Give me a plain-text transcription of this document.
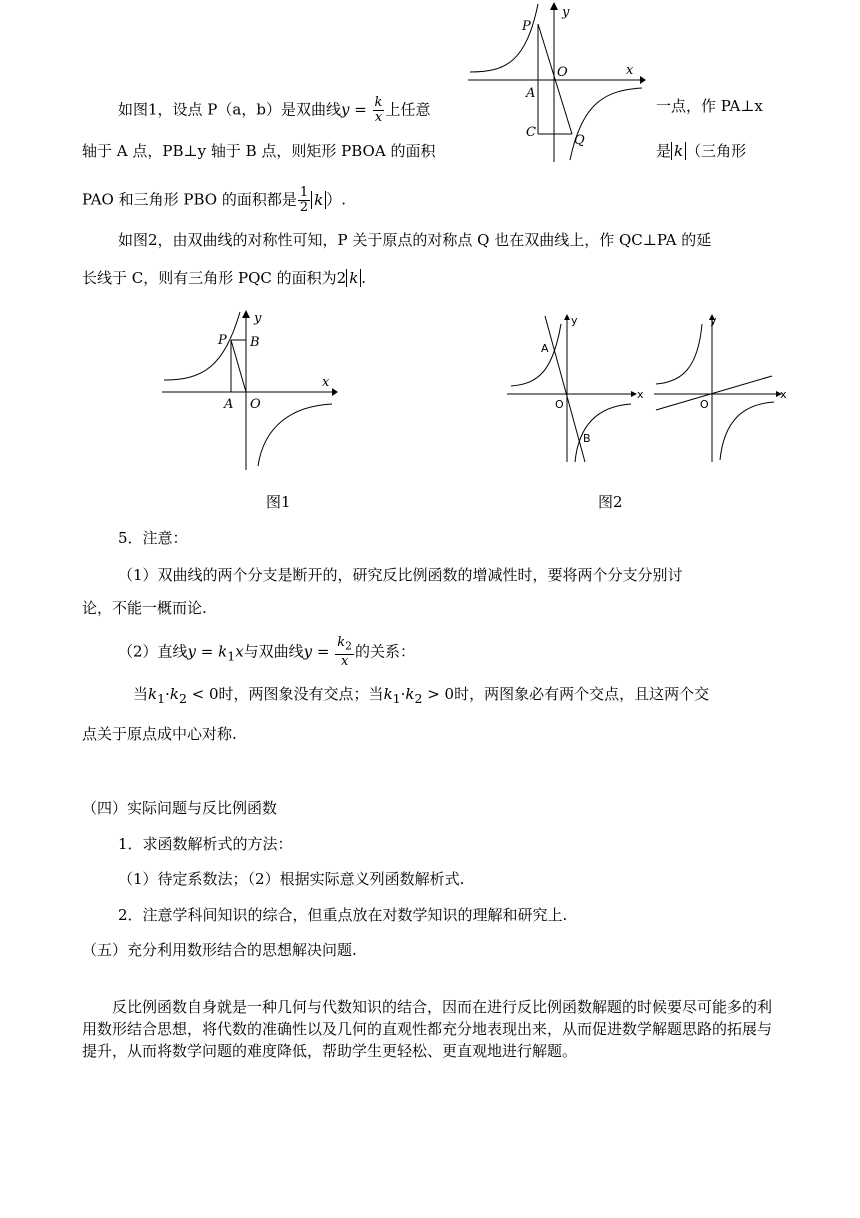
P
y
O	x
A
C
Q
如图1，设点 P（a，b）是双曲线$y = \frac{k}{x}$ 上任意	一点，作 PA⊥x
轴于 A 点，PB⊥y 轴于 B 点，则矩形 PBOA 的面积	是 k （三角形
PAO 和三角形 PBO 的面积都是 $\frac{1}{2}$ k ）.
如图2，由双曲线的对称性可知，P 关于原点的对称点 Q 也在双曲线上，作 QC⊥PA 的延
长线于 C，则有三角形 PQC 的面积为2 k .
P B
y
x
A O
图1
y
A
O
x
B
y
O
x
图2
5．注意：
（1）双曲线的两个分支是断开的，研究反比例函数的增减性时，要将两个分支分别讨
论，不能一概而论.
（2）直线$y = k_1x$与双曲线$y = \frac{k_2}{x}$ 的关系：
当$k_1\cdot k_2 < 0$时，两图象没有交点；当$k_1\cdot k_2 > 0$时，两图象必有两个交点，且这两个交
点关于原点成中心对称.
（四）实际问题与反比例函数
1．求函数解析式的方法：
（1）待定系数法；（2）根据实际意义列函数解析式.
2．注意学科间知识的综合，但重点放在对数学知识的理解和研究上.
（五）充分利用数形结合的思想解决问题.
反比例函数自身就是一种几何与代数知识的结合，因而在进行反比例函数解题的时候要尽可能多的利用数形结合思想，将代数的准确性以及几何的直观性都充分地表现出来，从而促进数学解题思路的拓展与提升，从而将数学问题的难度降低，帮助学生更轻松、更直观地进行解题。
